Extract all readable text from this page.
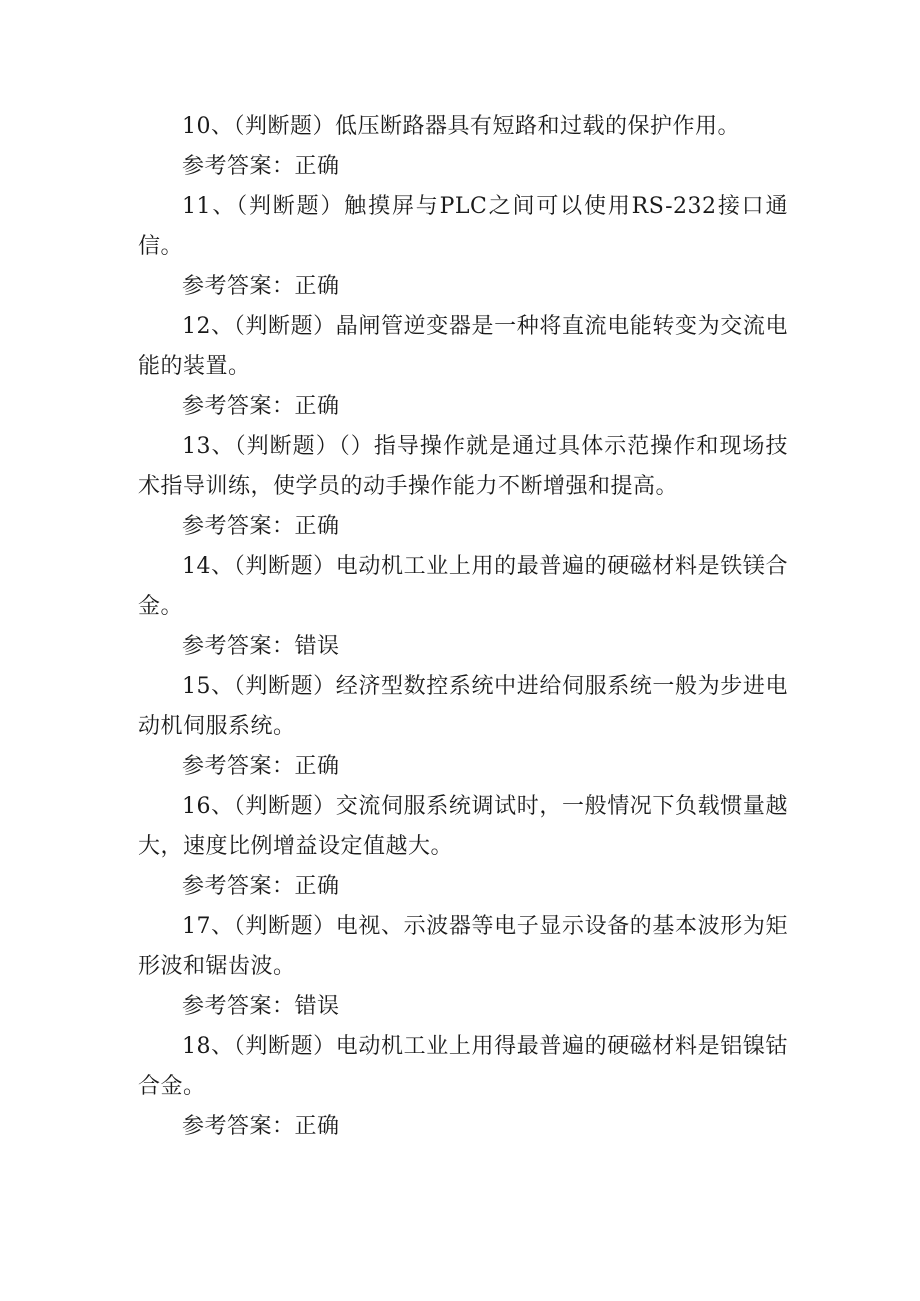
10、（判断题）低压断路器具有短路和过载的保护作用。

参考答案：正确

11、（判断题）触摸屏与PLC之间可以使用RS-232接口通信。

参考答案：正确

12、（判断题）晶闸管逆变器是一种将直流电能转变为交流电能的装置。

参考答案：正确

13、（判断题）（）指导操作就是通过具体示范操作和现场技术指导训练，使学员的动手操作能力不断增强和提高。

参考答案：正确

14、（判断题）电动机工业上用的最普遍的硬磁材料是铁镁合金。

参考答案：错误

15、（判断题）经济型数控系统中进给伺服系统一般为步进电动机伺服系统。

参考答案：正确

16、（判断题）交流伺服系统调试时，一般情况下负载惯量越大，速度比例增益设定值越大。

参考答案：正确

17、（判断题）电视、示波器等电子显示设备的基本波形为矩形波和锯齿波。

参考答案：错误

18、（判断题）电动机工业上用得最普遍的硬磁材料是铝镍钴合金。

参考答案：正确
